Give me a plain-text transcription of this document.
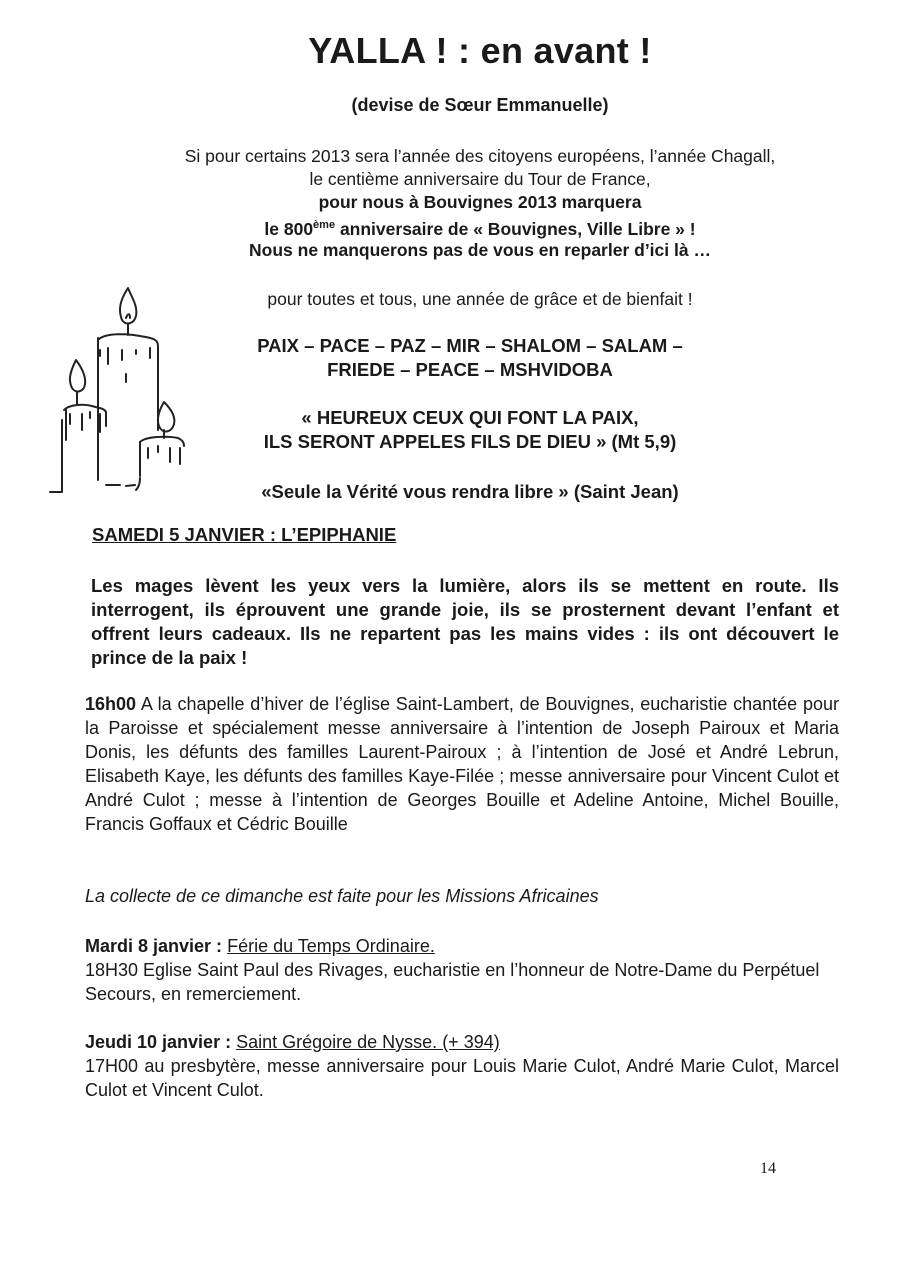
YALLA ! : en avant !
(devise de Sœur Emmanuelle)
Si pour certains 2013 sera l’année des citoyens européens, l’année Chagall,
le centième anniversaire du Tour de France,
pour nous à Bouvignes 2013 marquera
le 800ème anniversaire de « Bouvignes, Ville Libre » !
Nous ne manquerons pas de vous en reparler d’ici là …
pour toutes et tous, une année de grâce et de bienfait !
PAIX – PACE – PAZ – MIR – SHALOM – SALAM –
FRIEDE – PEACE – MSHVIDOBA
« HEUREUX CEUX QUI FONT LA PAIX,
ILS SERONT APPELES FILS DE DIEU » (Mt 5,9)
«Seule la Vérité vous rendra libre » (Saint Jean)
SAMEDI 5 JANVIER : L’EPIPHANIE
Les mages lèvent les yeux vers la lumière, alors ils se mettent en route. Ils interrogent, ils éprouvent une grande joie, ils se prosternent devant l’enfant et offrent leurs cadeaux. Ils ne repartent pas les mains vides : ils ont découvert le prince de la paix !
16h00 A la chapelle d’hiver de l’église Saint-Lambert, de Bouvignes, eucharistie chantée pour la Paroisse et spécialement messe anniversaire à l’intention de Joseph Pairoux et Maria Donis, les défunts des familles Laurent-Pairoux ; à l’intention de José et André Lebrun, Elisabeth Kaye, les défunts des familles Kaye-Filée ; messe anniversaire pour Vincent Culot et André Culot ; messe à l’intention de Georges Bouille et Adeline Antoine, Michel Bouille, Francis Goffaux et Cédric Bouille
La collecte de ce dimanche est faite pour les Missions Africaines
Mardi 8 janvier : Férie du Temps Ordinaire.
18H30 Eglise Saint Paul des Rivages, eucharistie en l’honneur de Notre-Dame du Perpétuel Secours, en remerciement.
Jeudi 10 janvier : Saint Grégoire de Nysse. (+ 394)
17H00 au presbytère, messe anniversaire pour Louis Marie Culot, André Marie Culot, Marcel Culot et Vincent Culot.
14
